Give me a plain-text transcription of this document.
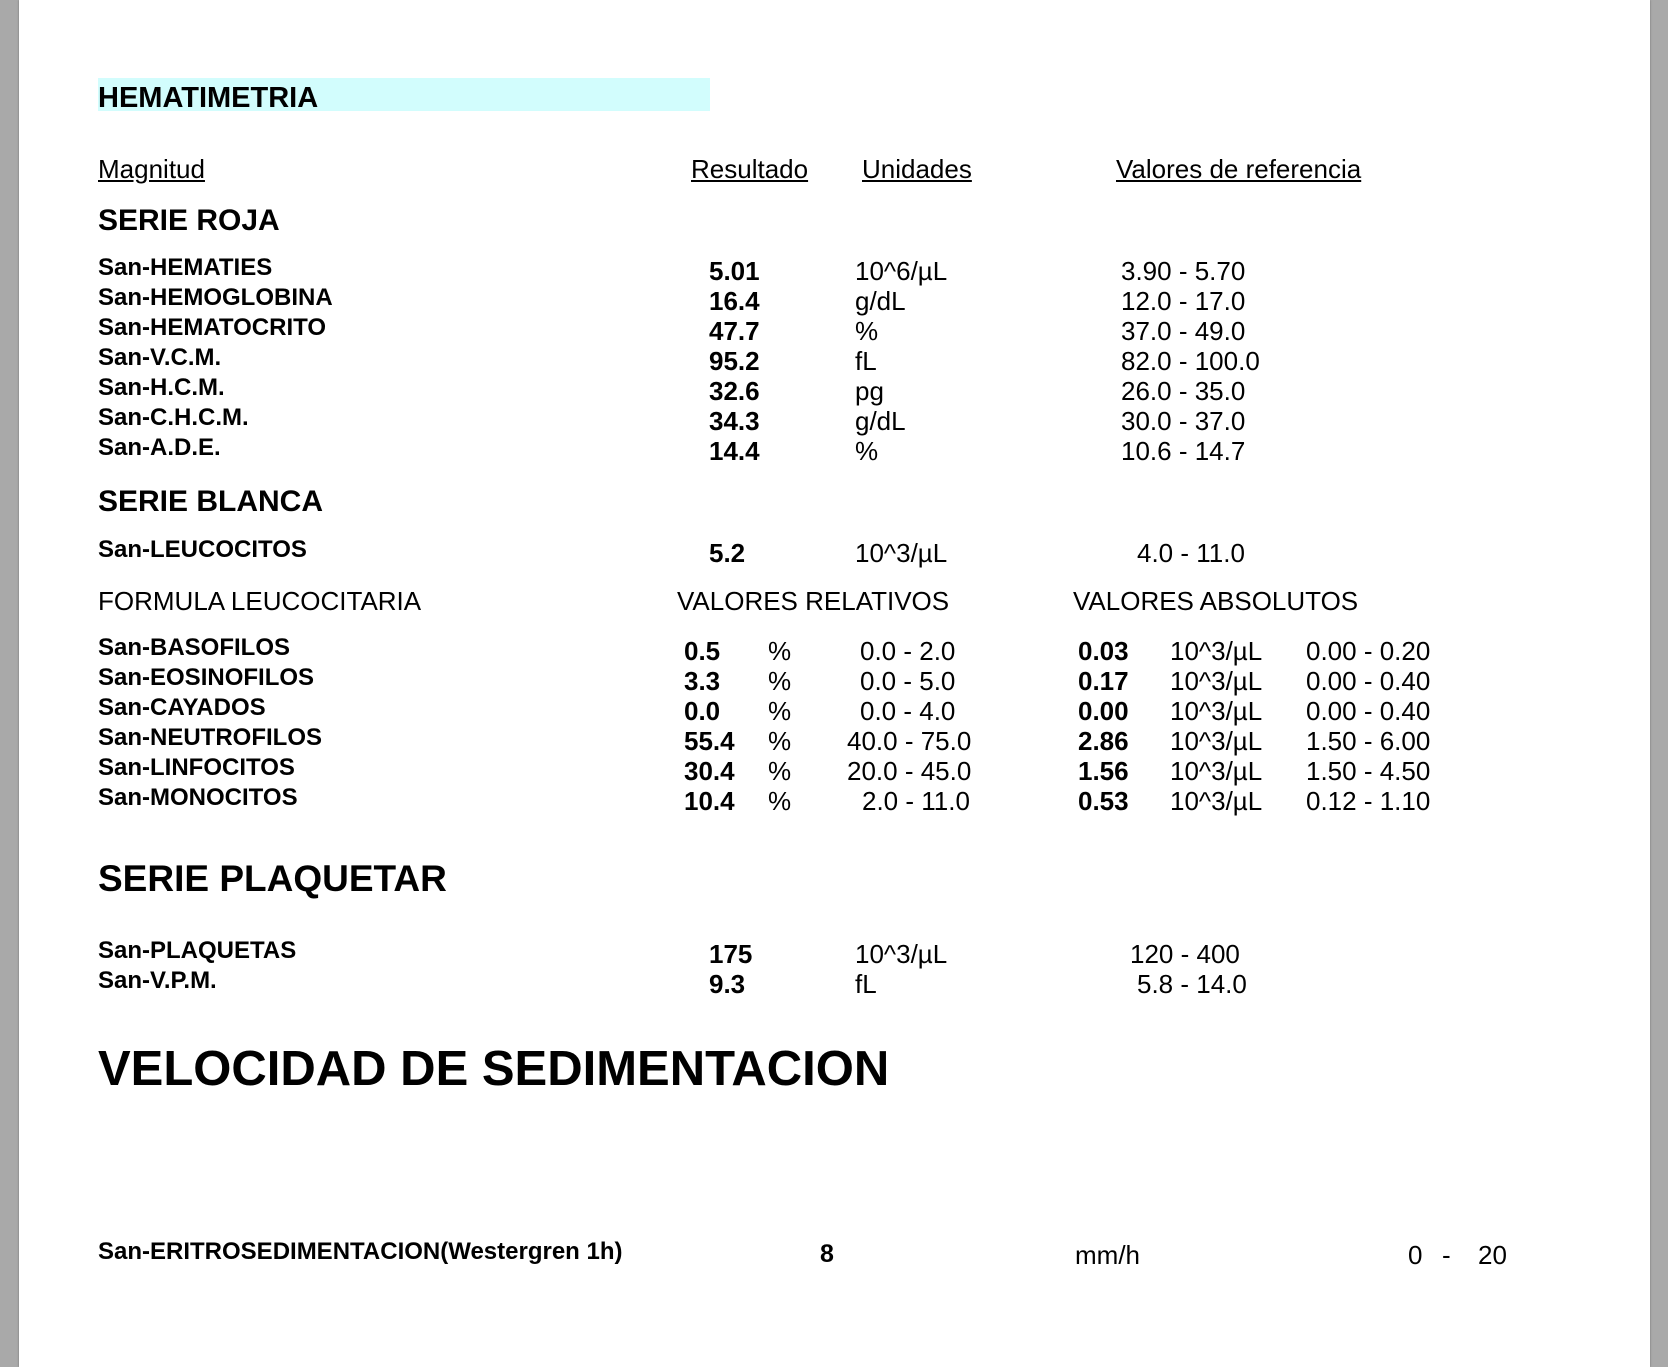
HEMATIMETRIA
Magnitud	Resultado Unidades	Valores de referencia
SERIE ROJA
San-HEMATIES	5.01	10^6/µL	3.90 - 5.70
San-HEMOGLOBINA	16.4	g/dL	12.0 - 17.0
San-HEMATOCRITO	47.7	%	37.0 - 49.0
San-V.C.M.	95.2	fL	82.0 - 100.0
San-H.C.M.	32.6	pg	26.0 - 35.0
San-C.H.C.M.	34.3	g/dL	30.0 - 37.0
San-A.D.E.	14.4	%	10.6 - 14.7
SERIE BLANCA
San-LEUCOCITOS	5.2	10^3/µL	4.0 - 11.0
FORMULA LEUCOCITARIA	VALORES RELATIVOS	VALORES ABSOLUTOS
San-BASOFILOS	0.5 %	0.0 - 2.0	0.03 10^3/µL 0.00 - 0.20
San-EOSINOFILOS	3.3 %	0.0 - 5.0	0.17 10^3/µL 0.00 - 0.40
San-CAYADOS	0.0 %	0.0 - 4.0	0.00 10^3/µL 0.00 - 0.40
San-NEUTROFILOS	55.4 % 40.0 - 75.0	2.86 10^3/µL 1.50 - 6.00
San-LINFOCITOS	30.4 % 20.0 - 45.0	1.56 10^3/µL 1.50 - 4.50
San-MONOCITOS	10.4 %	2.0 - 11.0	0.53 10^3/µL 0.12 - 1.10
SERIE PLAQUETAR
San-PLAQUETAS	175	10^3/µL	120 - 400
San-V.P.M.	9.3	fL	5.8 - 14.0
VELOCIDAD DE SEDIMENTACION
San-ERITROSEDIMENTACION(Westergren 1h)	8	mm/h	0 - 20
